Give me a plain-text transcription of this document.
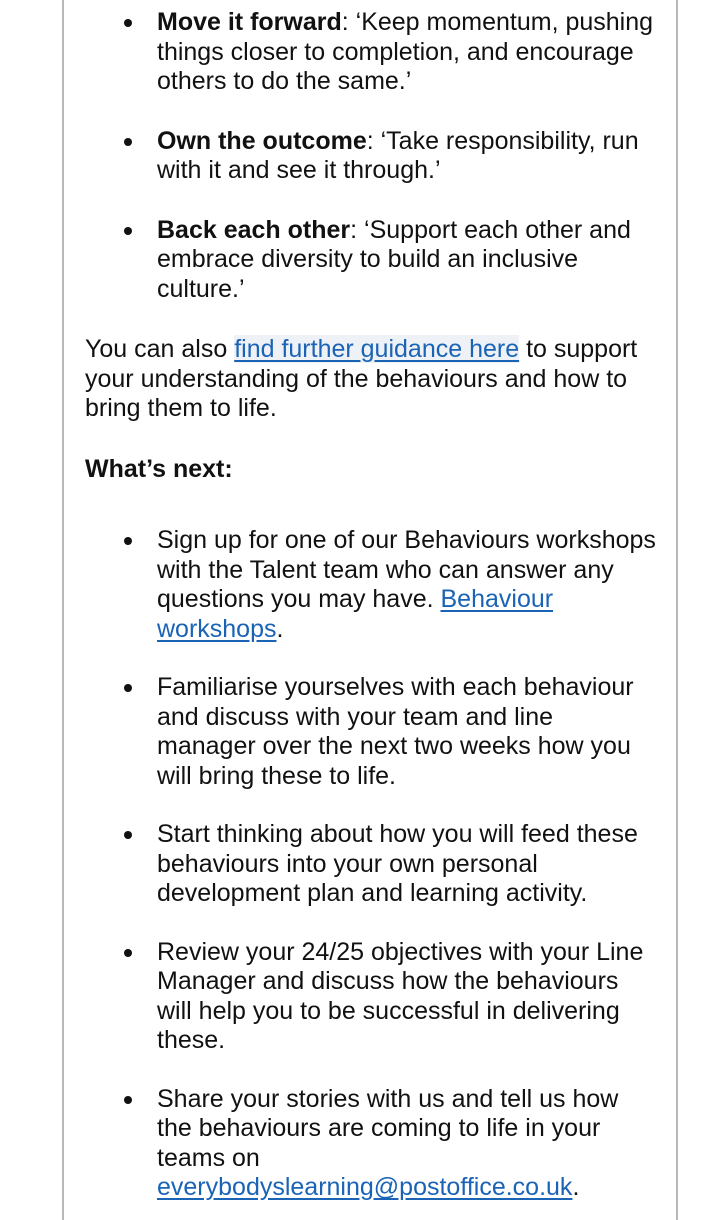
Move it forward: ‘Keep momentum, pushing things closer to completion, and encourage others to do the same.’
Own the outcome: ‘Take responsibility, run with it and see it through.’
Back each other: ‘Support each other and embrace diversity to build an inclusive culture.’

You can also find further guidance here to support your understanding of the behaviours and how to bring them to life.

What’s next:

Sign up for one of our Behaviours workshops with the Talent team who can answer any questions you may have. Behaviour workshops.
Familiarise yourselves with each behaviour and discuss with your team and line manager over the next two weeks how you will bring these to life.
Start thinking about how you will feed these behaviours into your own personal development plan and learning activity.
Review your 24/25 objectives with your Line Manager and discuss how the behaviours will help you to be successful in delivering these.
Share your stories with us and tell us how the behaviours are coming to life in your teams on everybodyslearning@postoffice.co.uk.
